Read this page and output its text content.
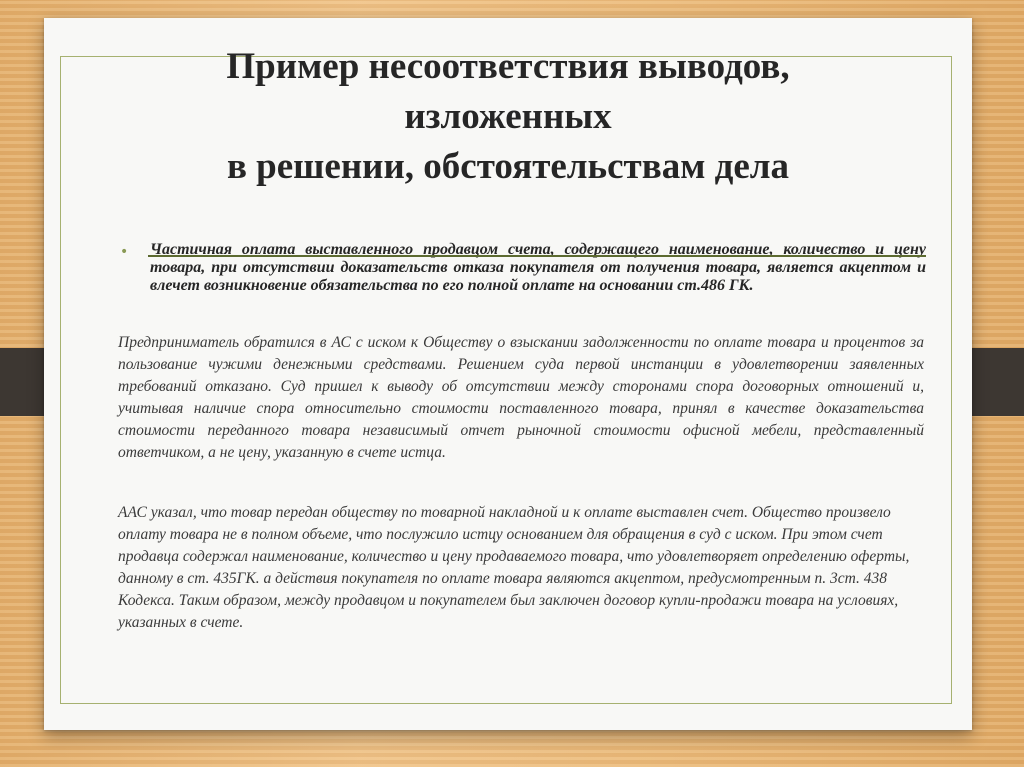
Пример несоответствия выводов,
изложенных
в решении, обстоятельствам дела
• Частичная оплата выставленного продавцом счета, содержащего наименование, количество и цену товара, при отсутствии доказательств отказа покупателя от получения товара, является акцептом и влечет возникновение обязательства по его полной оплате на основании ст.486 ГК.

Предприниматель обратился в АС с иском к Обществу о взыскании задолженности по оплате товара и процентов за пользование чужими денежными средствами. Решением суда первой инстанции в удовлетворении заявленных требований отказано. Суд пришел к выводу об отсутствии между сторонами спора договорных отношений и, учитывая наличие спора относительно стоимости поставленного товара, принял в качестве доказательства стоимости переданного товара независимый отчет рыночной стоимости офисной мебели, представленный ответчиком, а не цену, указанную в счете истца.

ААС указал, что товар передан обществу по товарной накладной и к оплате выставлен счет. Общество произвело оплату товара не в полном объеме, что послужило истцу основанием для обращения в суд с иском. При этом счет продавца содержал наименование, количество и цену продаваемого товара, что удовлетворяет определению оферты, данному в ст. 435ГК. а действия покупателя по оплате товара являются акцептом, предусмотренным п. 3ст. 438 Кодекса. Таким образом, между продавцом и покупателем был заключен договор купли-продажи товара на условиях, указанных в счете.
